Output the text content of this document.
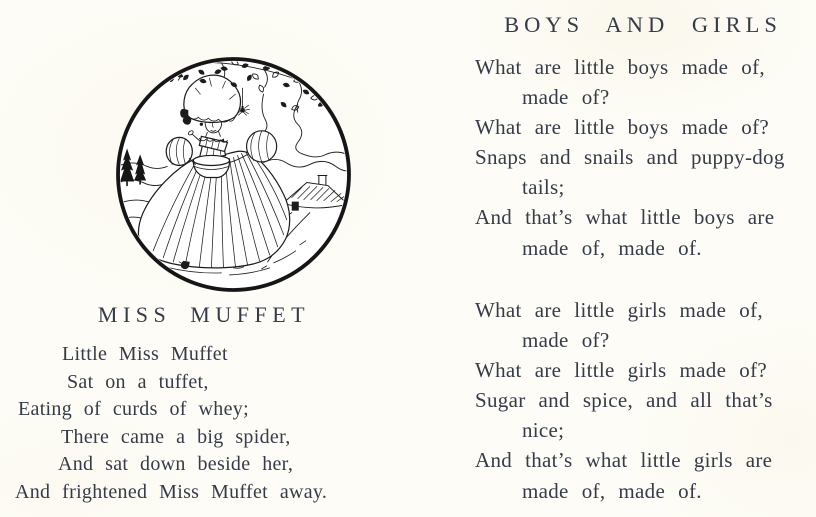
MISS MUFFET

Little Miss Muffet

Sat on a tuffet,

Eating of curds of whey;

There came a big spider,

And sat down beside her,

And frightened Miss Muffet away.

BOYS AND GIRLS

What are little boys made of,

made of?

What are little boys made of?

Snaps and snails and puppy-dog

tails;

And that’s what little boys are

made of, made of.

What are little girls made of,

made of?

What are little girls made of?

Sugar and spice, and all that’s

nice;

And that’s what little girls are

made of, made of.
